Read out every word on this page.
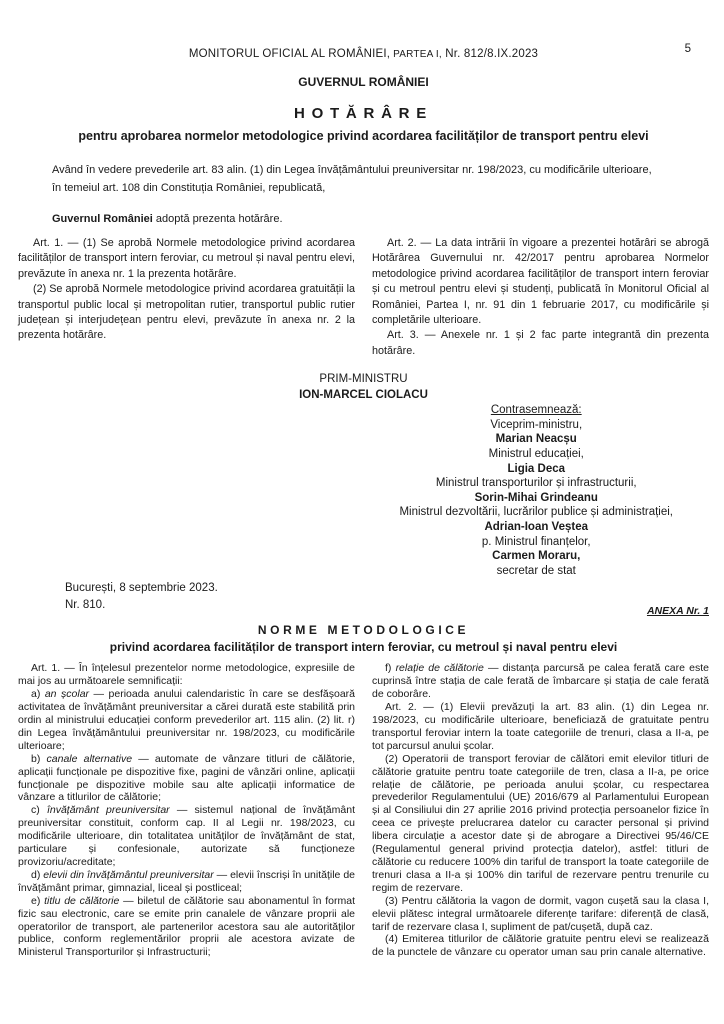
MONITORUL OFICIAL AL ROMÂNIEI, PARTEA I, Nr. 812/8.IX.2023	5
GUVERNUL ROMÂNIEI
HOTĂRÂRE
pentru aprobarea normelor metodologice privind acordarea facilităților de transport pentru elevi

Având în vedere prevederile art. 83 alin. (1) din Legea învățământului preuniversitar nr. 198/2023, cu modificările ulterioare,

în temeiul art. 108 din Constituția României, republicată,

Guvernul României adoptă prezenta hotărâre.

Art. 1. — (1) Se aprobă Normele metodologice privind acordarea facilităților de transport intern feroviar, cu metroul și naval pentru elevi, prevăzute în anexa nr. 1 la prezenta hotărâre.

(2) Se aprobă Normele metodologice privind acordarea gratuității la transportul public local și metropolitan rutier, transportul public rutier județean și interjudețean pentru elevi, prevăzute în anexa nr. 2 la prezenta hotărâre.

Art. 2. — La data intrării în vigoare a prezentei hotărâri se abrogă Hotărârea Guvernului nr. 42/2017 pentru aprobarea Normelor metodologice privind acordarea facilităților de transport intern feroviar și cu metroul pentru elevi și studenți, publicată în Monitorul Oficial al României, Partea I, nr. 91 din 1 februarie 2017, cu modificările și completările ulterioare.

Art. 3. — Anexele nr. 1 și 2 fac parte integrantă din prezenta hotărâre.

PRIM-MINISTRU
ION-MARCEL CIOLACU
Contrasemnează:
Viceprim-ministru,
Marian Neacșu
Ministrul educației,
Ligia Deca
Ministrul transporturilor și infrastructurii,
Sorin-Mihai Grindeanu
Ministrul dezvoltării, lucrărilor publice și administrației,
Adrian-Ioan Veștea
p. Ministrul finanțelor,
Carmen Moraru,
secretar de stat
București, 8 septembrie 2023.
Nr. 810.
ANEXA Nr. 1
NORME METODOLOGICE
privind acordarea facilităților de transport intern feroviar, cu metroul și naval pentru elevi

Art. 1. — În înțelesul prezentelor norme metodologice, expresiile de mai jos au următoarele semnificații:

a) an școlar — perioada anului calendaristic în care se desfășoară activitatea de învățământ preuniversitar a cărei durată este stabilită prin ordin al ministrului educației conform prevederilor art. 115 alin. (2) lit. r) din Legea învățământului preuniversitar nr. 198/2023, cu modificările ulterioare;

b) canale alternative — automate de vânzare titluri de călătorie, aplicații funcționale pe dispozitive fixe, pagini de vânzări online, aplicații funcționale pe dispozitive mobile sau alte aplicații informatice de vânzare a titlurilor de călătorie;

c) învățământ preuniversitar — sistemul național de învățământ preuniversitar constituit, conform cap. II al Legii nr. 198/2023, cu modificările ulterioare, din totalitatea unităților de învățământ de stat, particulare și confesionale, autorizate să funcționeze provizoriu/acreditate;

d) elevii din învățământul preuniversitar — elevii înscriși în unitățile de învățământ primar, gimnazial, liceal și postliceal;

e) titlu de călătorie — biletul de călătorie sau abonamentul în format fizic sau electronic, care se emite prin canalele de vânzare proprii ale operatorilor de transport, ale partenerilor acestora sau ale autorităților publice, conform reglementărilor proprii ale acestora avizate de Ministerul Transporturilor și Infrastructurii;

f) relație de călătorie — distanța parcursă pe calea ferată care este cuprinsă între stația de cale ferată de îmbarcare și stația de cale ferată de coborâre.

Art. 2. — (1) Elevii prevăzuți la art. 83 alin. (1) din Legea nr. 198/2023, cu modificările ulterioare, beneficiază de gratuitate pentru transportul feroviar intern la toate categoriile de trenuri, clasa a II-a, pe tot parcursul anului școlar.

(2) Operatorii de transport feroviar de călători emit elevilor titluri de călătorie gratuite pentru toate categoriile de tren, clasa a II-a, pe orice relație de călătorie, pe perioada anului școlar, cu respectarea prevederilor Regulamentului (UE) 2016/679 al Parlamentului European și al Consiliului din 27 aprilie 2016 privind protecția persoanelor fizice în ceea ce privește prelucrarea datelor cu caracter personal și privind libera circulație a acestor date și de abrogare a Directivei 95/46/CE (Regulamentul general privind protecția datelor), astfel: titluri de călătorie cu reducere 100% din tariful de transport la toate categoriile de trenuri clasa a II-a și 100% din tariful de rezervare pentru trenurile cu regim de rezervare.

(3) Pentru călătoria la vagon de dormit, vagon cușetă sau la clasa I, elevii plătesc integral următoarele diferențe tarifare: diferență de clasă, tarif de rezervare clasa I, supliment de pat/cușetă, după caz.

(4) Emiterea titlurilor de călătorie gratuite pentru elevi se realizează de la punctele de vânzare cu operator uman sau prin canale alternative.
